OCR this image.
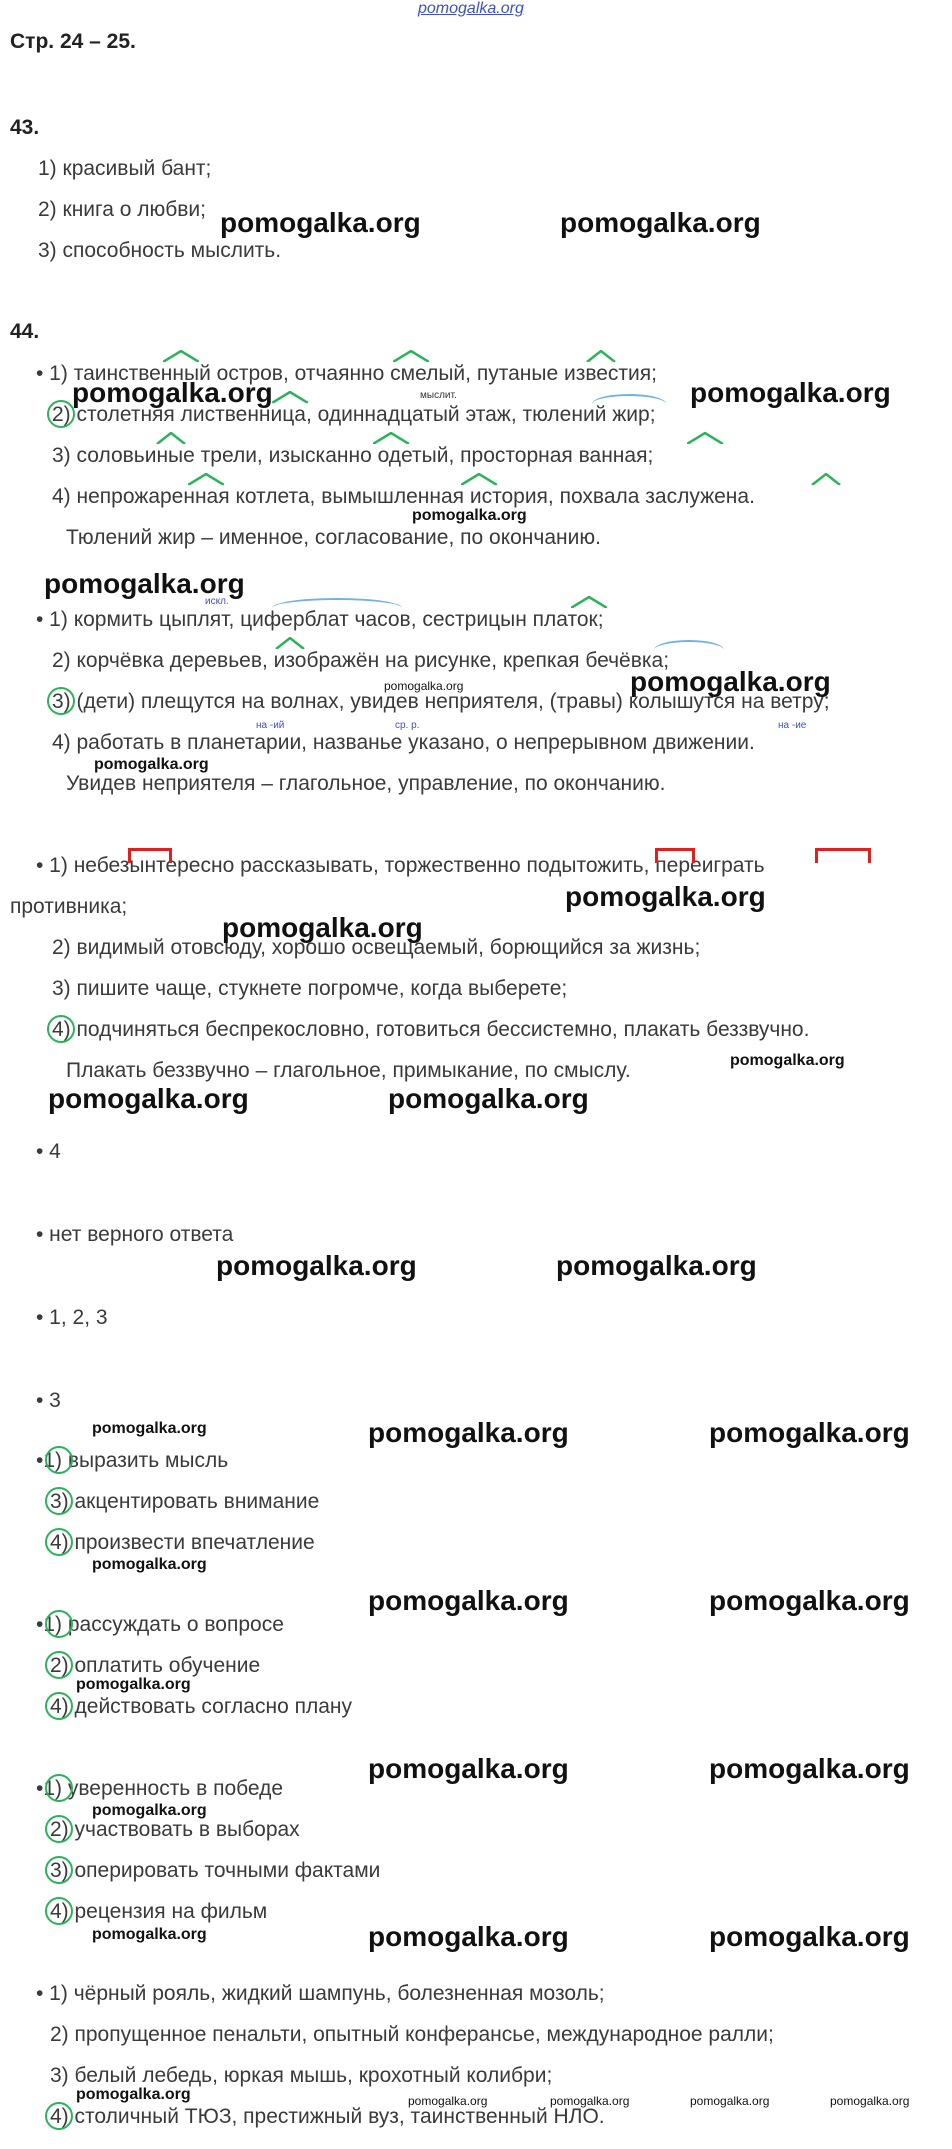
pomogalka.org
Стр. 24 – 25.
43.
1) красивый бант;
2) книга о любви;
3) способность мыслить.
44.
• 1) таинственный остров, отчаянно смелый, путаные известия;
2) столетняя лиственница, одиннадцатый этаж, тюлений жир;
3) соловьиные трели, изысканно одетый, просторная ванная;
4) непрожаренная котлета, вымышленная история, похвала заслужена.
Тюлений жир – именное, согласование, по окончанию.
мыслит.
• 1) кормить цыплят, циферблат часов, сестрицын платок;
2) корчёвка деревьев, изображён на рисунке, крепкая бечёвка;
3) (дети) плещутся на волнах, увидев неприятеля, (травы) колышутся на ветру;
4) работать в планетарии, названье указано, о непрерывном движении.
Увидев неприятеля – глагольное, управление, по окончанию.
искл.
на -ий	ср. р.	на -ие
• 1) небезынтересно рассказывать, торжественно подытожить, переиграть
противника;
2) видимый отовсюду, хорошо освещаемый, борющийся за жизнь;
3) пишите чаще, стукнете погромче, когда выберете;
4) подчиняться беспрекословно, готовиться бессистемно, плакать беззвучно.
Плакать беззвучно – глагольное, примыкание, по смыслу.
• 4
• нет верного ответа
• 1, 2, 3
• 3
•1) выразить мысль
3) акцентировать внимание
4) произвести впечатление
•1) рассуждать о вопросе
2) оплатить обучение
4) действовать согласно плану
•1) уверенность в победе
2) участвовать в выборах
3) оперировать точными фактами
4) рецензия на фильм
• 1) чёрный рояль, жидкий шампунь, болезненная мозоль;
2) пропущенное пенальти, опытный конферансье, международное ралли;
3) белый лебедь, юркая мышь, крохотный колибри;
4) столичный ТЮЗ, престижный вуз, таинственный НЛО.
pomogalka.org	pomogalka.org
pomogalka.org	pomogalka.org
pomogalka.org
pomogalka.org
pomogalka.org
pomogalka.org
pomogalka.org
pomogalka.org
pomogalka.org
pomogalka.org
pomogalka.org	pomogalka.org
pomogalka.org	pomogalka.org
pomogalka.org	pomogalka.org	pomogalka.org
pomogalka.org
pomogalka.org	pomogalka.org
pomogalka.org
pomogalka.org	pomogalka.org
pomogalka.org
pomogalka.org	pomogalka.org	pomogalka.org
pomogalka.org	pomogalka.org	pomogalka.org	pomogalka.org	pomogalka.org
